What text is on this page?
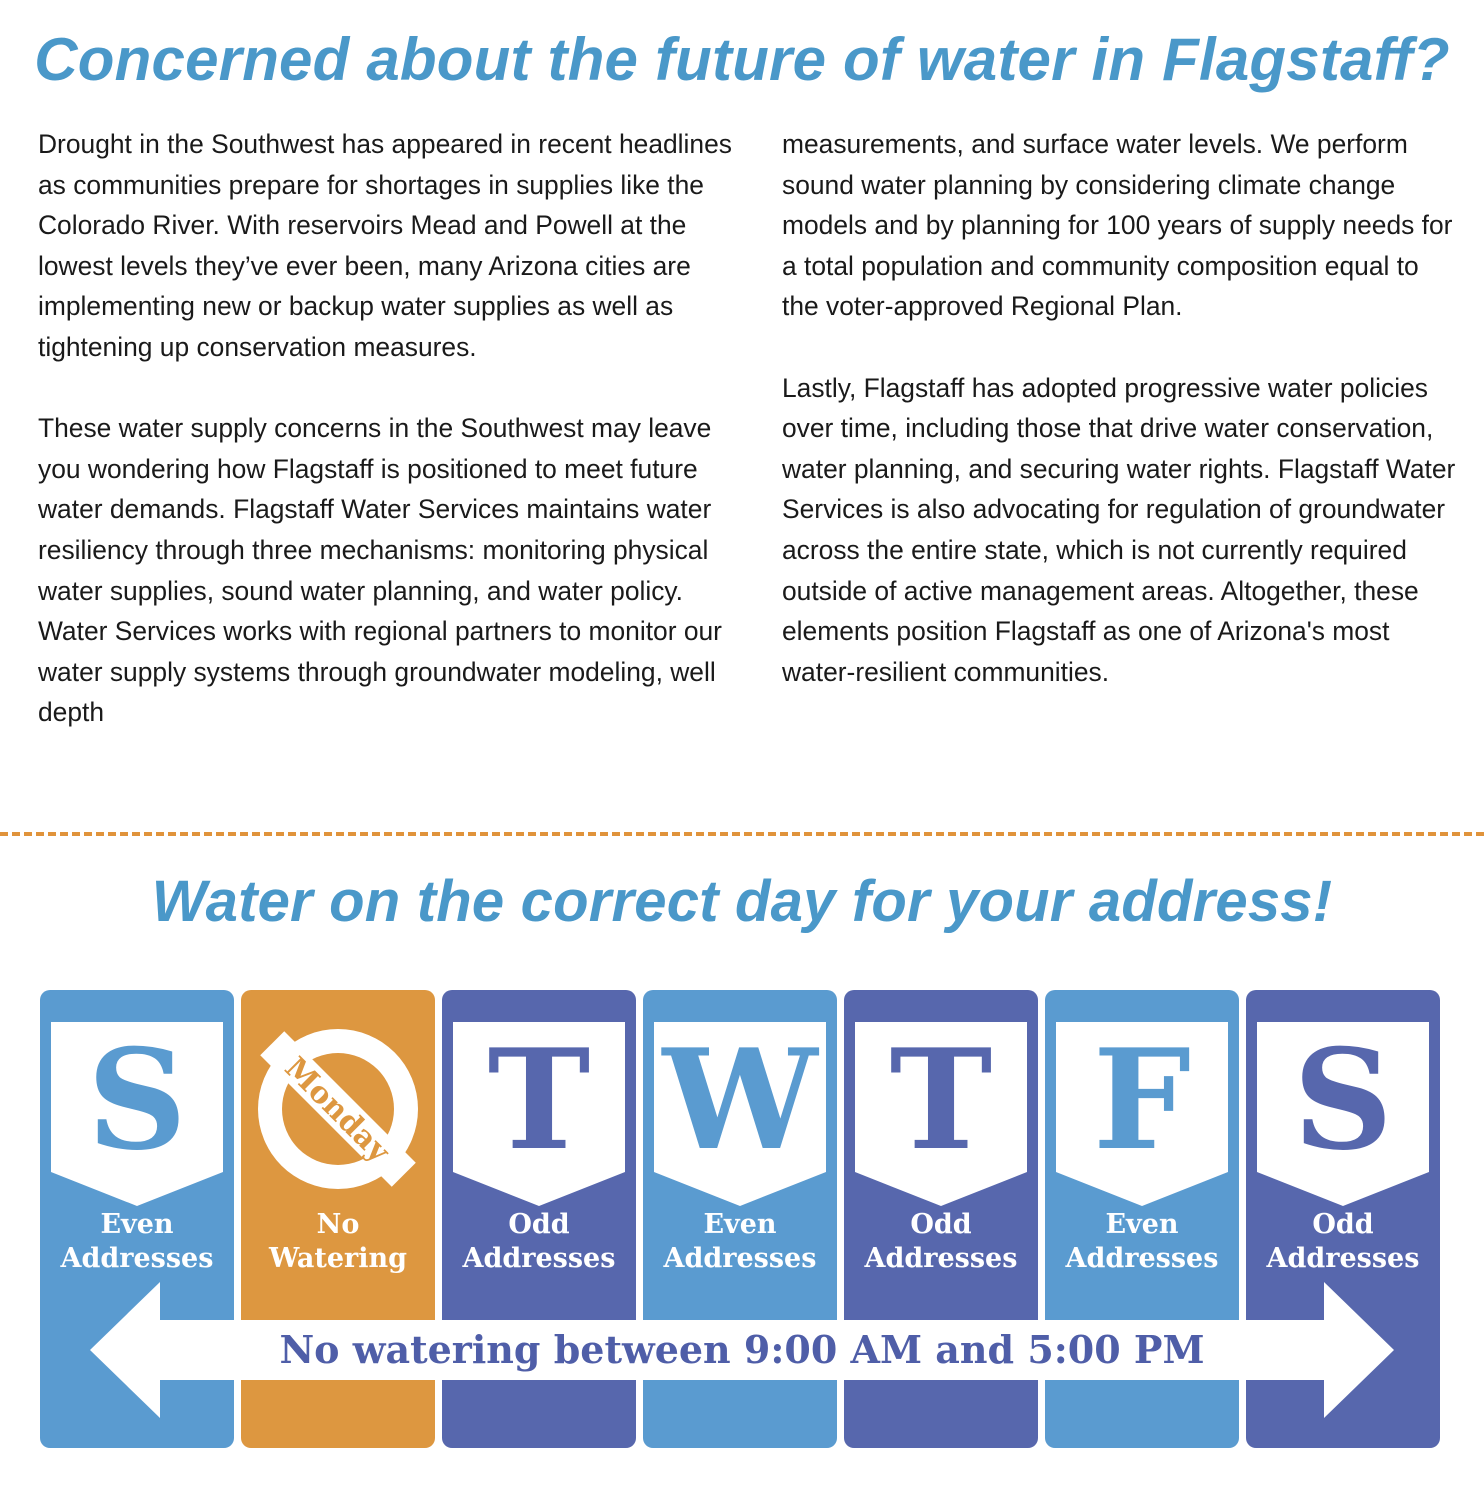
Concerned about the future of water in Flagstaff?

Drought in the Southwest has appeared in recent headlines as communities prepare for shortages in supplies like the Colorado River. With reservoirs Mead and Powell at the lowest levels they’ve ever been, many Arizona cities are implementing new or backup water supplies as well as tightening up conservation measures.

These water supply concerns in the Southwest may leave you wondering how Flagstaff is positioned to meet future water demands. Flagstaff Water Services maintains water resiliency through three mechanisms: monitoring physical water supplies, sound water planning, and water policy. Water Services works with regional partners to monitor our water supply systems through groundwater modeling, well depth

measurements, and surface water levels. We perform sound water planning by considering climate change models and by planning for 100 years of supply needs for a total population and community composition equal to the voter-approved Regional Plan.

Lastly, Flagstaff has adopted progressive water policies over time, including those that drive water conservation, water planning, and securing water rights. Flagstaff Water Services is also advocating for regulation of groundwater across the entire state, which is not currently required outside of active management areas. Altogether, these elements position Flagstaff as one of Arizona's most water-resilient communities.

Water on the correct day for your address!
S
Even
Addresses
Monday
No
Watering
T
Odd
Addresses
W
Even
Addresses
T
Odd
Addresses
F
Even
Addresses
S
Odd
Addresses
No watering between 9:00 AM and 5:00 PM
